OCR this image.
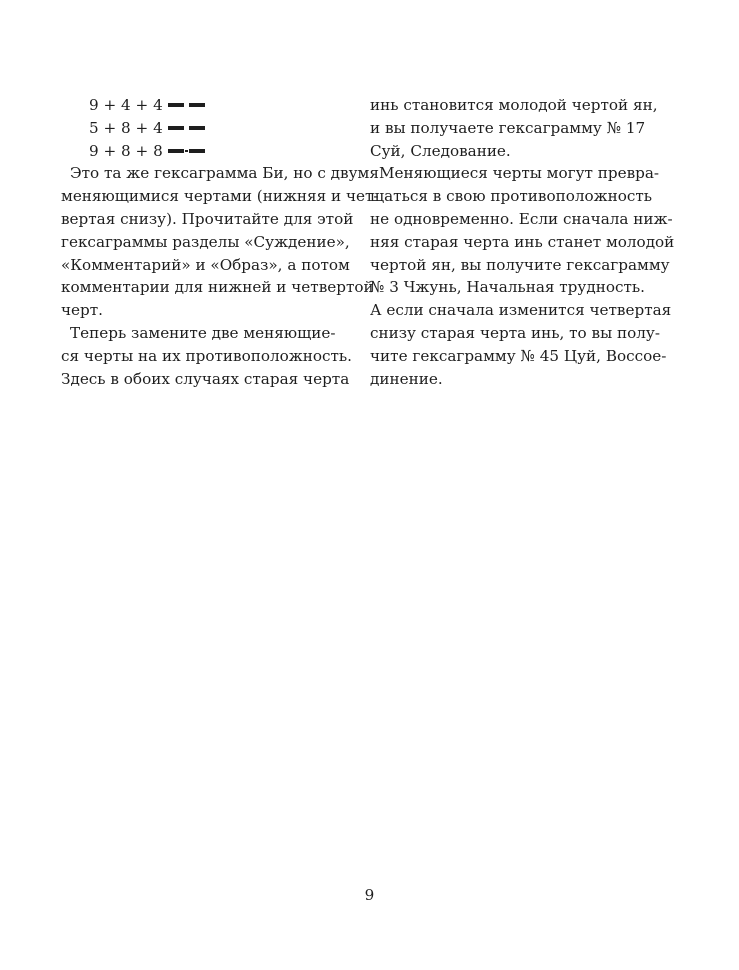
9 + 4 + 4
5 + 8 + 4
9 + 8 + 8

Это та же гексаграмма Би, но с двумя
меняющимися чертами (нижняя и чет-
вертая снизу). Прочитайте для этой
гексаграммы разделы «Суждение»,
«Комментарий» и «Образ», а потом
комментарии для нижней и четвертой
черт.

Теперь замените две меняющие-
ся черты на их противоположность.
Здесь в обоих случаях старая черта

инь становится молодой чертой ян,
и вы получаете гексаграмму № 17
Суй, Следование.

Меняющиеся черты могут превра-
щаться в свою противоположность
не одновременно. Если сначала ниж-
няя старая черта инь станет молодой
чертой ян, вы получите гексаграмму
№ 3 Чжунь, Начальная трудность.
А если сначала изменится четвертая
снизу старая черта инь, то вы полу-
чите гексаграмму № 45 Цуй, Воссое-
динение.

9
